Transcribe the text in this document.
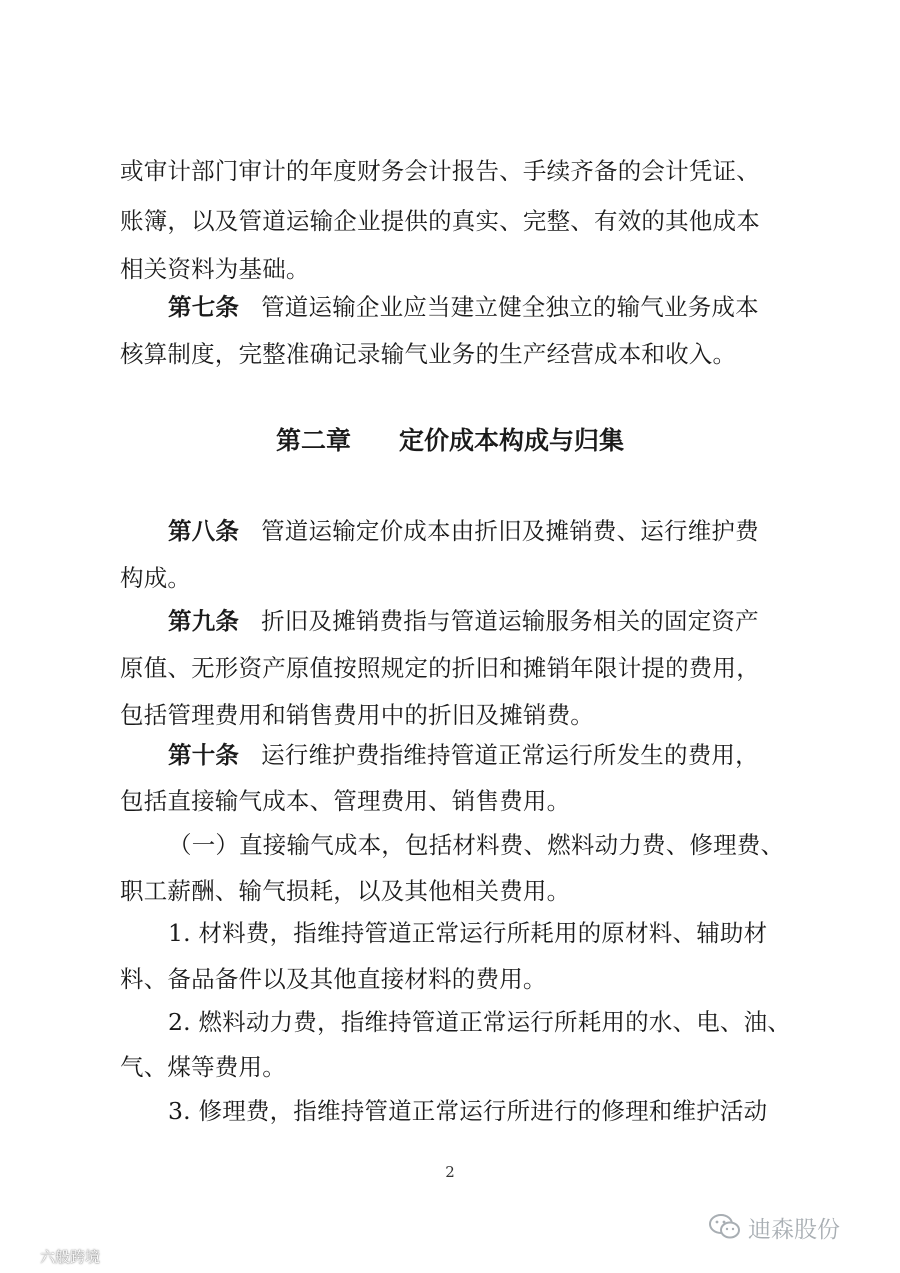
或审计部门审计的年度财务会计报告、手续齐备的会计凭证、
账簿，以及管道运输企业提供的真实、完整、有效的其他成本
相关资料为基础。
第七条 管道运输企业应当建立健全独立的输气业务成本
核算制度，完整准确记录输气业务的生产经营成本和收入。
第二章 定价成本构成与归集
第八条 管道运输定价成本由折旧及摊销费、运行维护费
构成。
第九条 折旧及摊销费指与管道运输服务相关的固定资产
原值、无形资产原值按照规定的折旧和摊销年限计提的费用，
包括管理费用和销售费用中的折旧及摊销费。
第十条 运行维护费指维持管道正常运行所发生的费用，
包括直接输气成本、管理费用、销售费用。
（一）直接输气成本，包括材料费、燃料动力费、修理费、
职工薪酬、输气损耗，以及其他相关费用。
1. 材料费，指维持管道正常运行所耗用的原材料、辅助材
料、备品备件以及其他直接材料的费用。
2. 燃料动力费，指维持管道正常运行所耗用的水、电、油、
气、煤等费用。
3. 修理费，指维持管道正常运行所进行的修理和维护活动
2
迪森股份
六般跨境
